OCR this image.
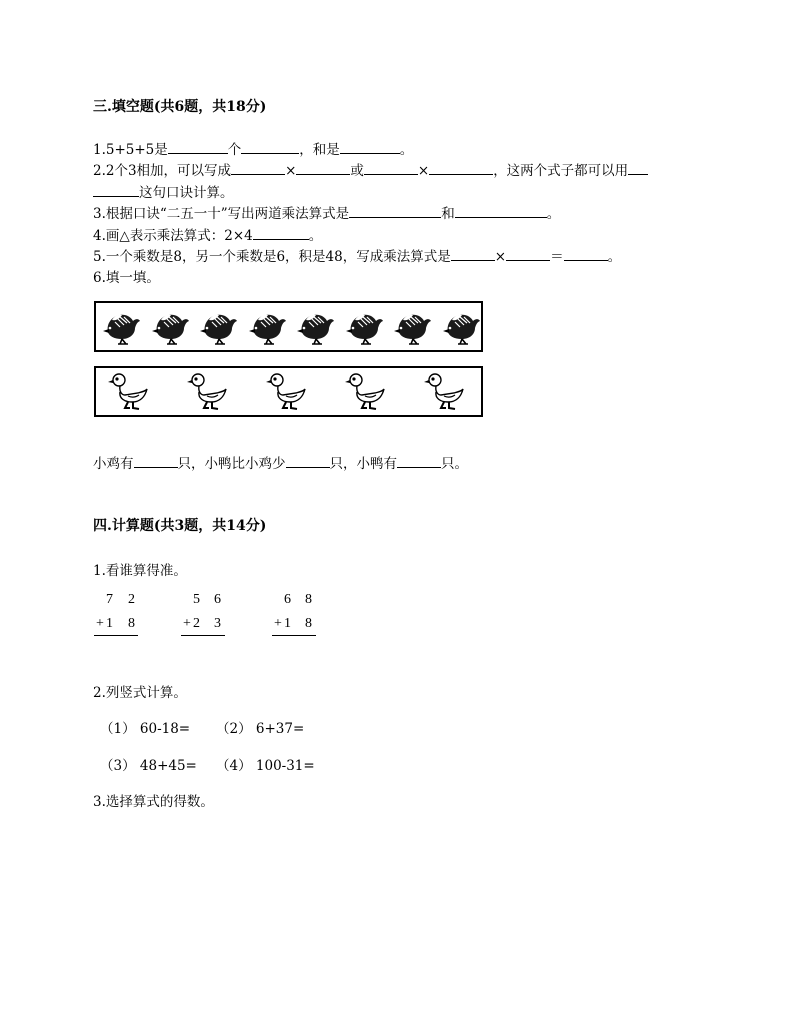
三.填空题(共6题，共18分)
1.5+5+5是	个	，和是	。
2.2个3相加，可以写成	×	或	×	，这两个式子都可以用
这句口诀计算。
3.根据口诀“二五一十”写出两道乘法算式是	和	。
4.画△表示乘法算式：2×4	。
5.一个乘数是8，另一个乘数是6，积是48，写成乘法算式是	×	＝	。
6.填一填。
小鸡有	只，小鸭比小鸡少	只，小鸭有	只。
四.计算题(共3题，共14分)
1.看谁算得准。
7 2
+ 1 8
5 6
+ 2 3
6 8
+ 1 8
2.列竖式计算。
（1） 60-18= （2） 6+37=
（3） 48+45= （4） 100-31=
3.选择算式的得数。
